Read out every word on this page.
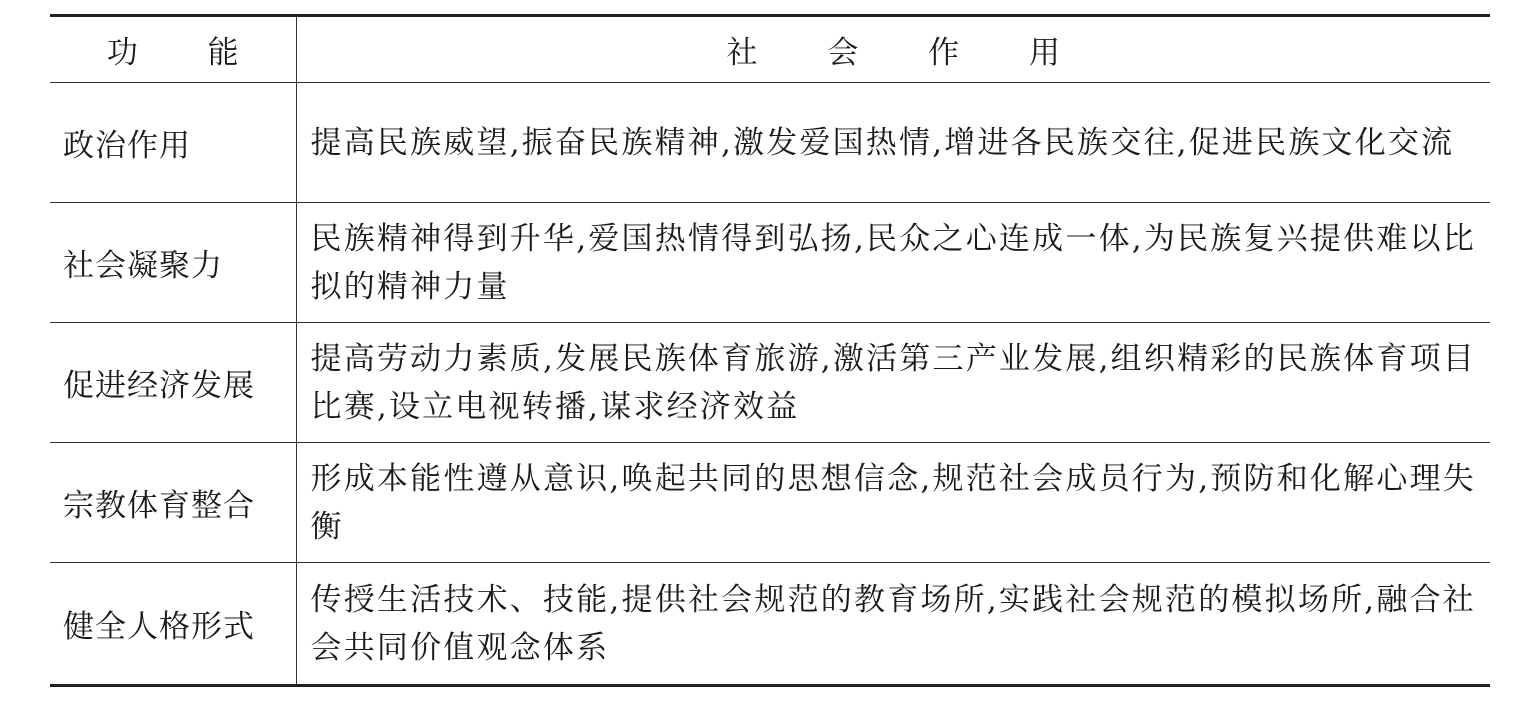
功 能	社 会 作 用
政治作用	提高民族威望,振奋民族精神,激发爱国热情,增进各民族交往,促进民族文化交流
社会凝聚力	民族精神得到升华,爱国热情得到弘扬,民众之心连成一体,为民族复兴提供难以比拟的精神力量
促进经济发展	提高劳动力素质,发展民族体育旅游,激活第三产业发展,组织精彩的民族体育项目比赛,设立电视转播,谋求经济效益
宗教体育整合	形成本能性遵从意识,唤起共同的思想信念,规范社会成员行为,预防和化解心理失衡
健全人格形式	传授生活技术、技能,提供社会规范的教育场所,实践社会规范的模拟场所,融合社会共同价值观念体系
